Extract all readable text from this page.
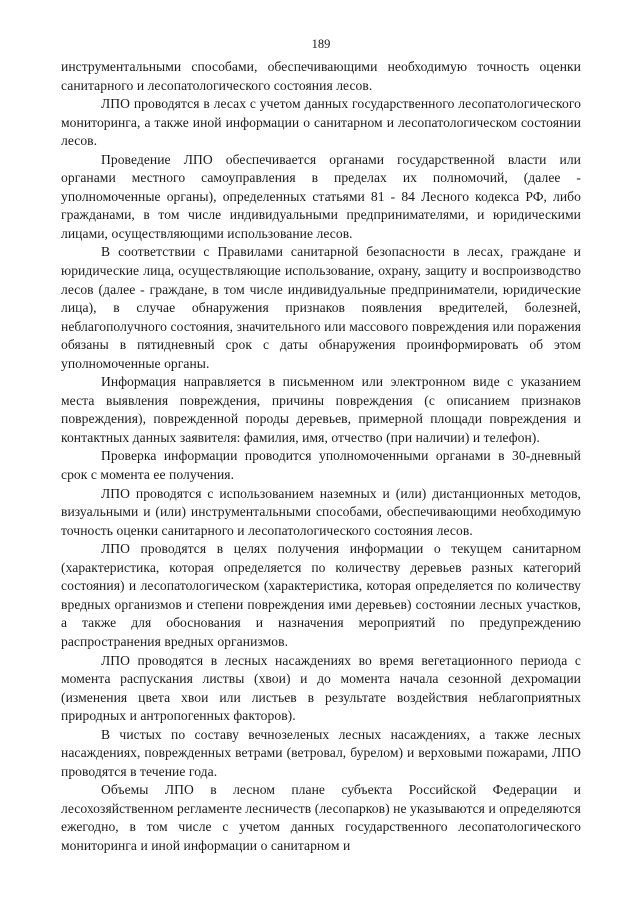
189

инструментальными способами, обеспечивающими необходимую точность оценки санитарного и лесопатологического состояния лесов.

ЛПО проводятся в лесах с учетом данных государственного лесопатологического мониторинга, а также иной информации о санитарном и лесопатологическом состоянии лесов.

Проведение ЛПО обеспечивается органами государственной власти или органами местного самоуправления в пределах их полномочий, (далее - уполномоченные органы), определенных статьями 81 - 84 Лесного кодекса РФ, либо гражданами, в том числе индивидуальными предпринимателями, и юридическими лицами, осуществляющими использование лесов.

В соответствии с Правилами санитарной безопасности в лесах, граждане и юридические лица, осуществляющие использование, охрану, защиту и воспроизводство лесов (далее - граждане, в том числе индивидуальные предприниматели, юридические лица), в случае обнаружения признаков появления вредителей, болезней, неблагополучного состояния, значительного или массового повреждения или поражения обязаны в пятидневный срок с даты обнаружения проинформировать об этом уполномоченные органы.

Информация направляется в письменном или электронном виде с указанием места выявления повреждения, причины повреждения (с описанием признаков повреждения), поврежденной породы деревьев, примерной площади повреждения и контактных данных заявителя: фамилия, имя, отчество (при наличии) и телефон).

Проверка информации проводится уполномоченными органами в 30-дневный срок с момента ее получения.

ЛПО проводятся с использованием наземных и (или) дистанционных методов, визуальными и (или) инструментальными способами, обеспечивающими необходимую точность оценки санитарного и лесопатологического состояния лесов.

ЛПО проводятся в целях получения информации о текущем санитарном (характеристика, которая определяется по количеству деревьев разных категорий состояния) и лесопатологическом (характеристика, которая определяется по количеству вредных организмов и степени повреждения ими деревьев) состоянии лесных участков, а также для обоснования и назначения мероприятий по предупреждению распространения вредных организмов.

ЛПО проводятся в лесных насаждениях во время вегетационного периода с момента распускания листвы (хвои) и до момента начала сезонной дехромации (изменения цвета хвои или листьев в результате воздействия неблагоприятных природных и антропогенных факторов).

В чистых по составу вечнозеленых лесных насаждениях, а также лесных насаждениях, поврежденных ветрами (ветровал, бурелом) и верховыми пожарами, ЛПО проводятся в течение года.

Объемы ЛПО в лесном плане субъекта Российской Федерации и лесохозяйственном регламенте лесничеств (лесопарков) не указываются и определяются ежегодно, в том числе с учетом данных государственного лесопатологического мониторинга и иной информации о санитарном и
